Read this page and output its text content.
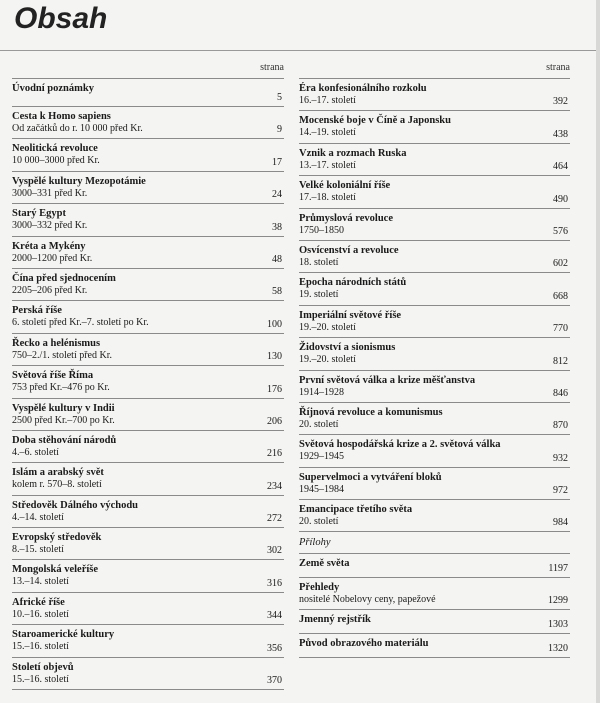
Obsah
strana
Úvodní poznámky
5
Cesta k Homo sapiens
Od začátků do r. 10 000 před Kr.	9
Neolitická revoluce
10 000–3000 před Kr.	17
Vyspělé kultury Mezopotámie
3000–331 před Kr.	24
Starý Egypt
3000–332 před Kr.	38
Kréta a Mykény
2000–1200 před Kr.	48
Čína před sjednocením
2205–206 před Kr.	58
Perská říše
6. století před Kr.–7. století po Kr.	100
Řecko a helénismus
750–2./1. století před Kr.	130
Světová říše Říma
753 před Kr.–476 po Kr.	176
Vyspělé kultury v Indii
2500 před Kr.–700 po Kr.	206
Doba stěhování národů
4.–6. století	216
Islám a arabský svět
kolem r. 570–8. století	234
Středověk Dálného východu
4.–14. století	272
Evropský středověk
8.–15. století	302
Mongolská veleříše
13.–14. století	316
Africké říše
10.–16. století	344
Staroamerické kultury
15.–16. století	356
Století objevů
15.–16. století	370
strana
Éra konfesionálního rozkolu
16.–17. století	392
Mocenské boje v Číně a Japonsku
14.–19. století	438
Vznik a rozmach Ruska
13.–17. století	464
Velké koloniální říše
17.–18. století	490
Průmyslová revoluce
1750–1850	576
Osvícenství a revoluce
18. století	602
Epocha národních států
19. století	668
Imperiální světové říše
19.–20. století	770
Židovství a sionismus
19.–20. století	812
První světová válka a krize měšťanstva
1914–1928	846
Říjnová revoluce a komunismus
20. století	870
Světová hospodářská krize a 2. světová válka
1929–1945	932
Supervelmoci a vytváření bloků
1945–1984	972
Emancipace třetího světa
20. století	984
Přílohy
Země světa	1197
Přehledy
nositelé Nobelovy ceny, papežové	1299
Jmenný rejstřík	1303
Původ obrazového materiálu	1320
